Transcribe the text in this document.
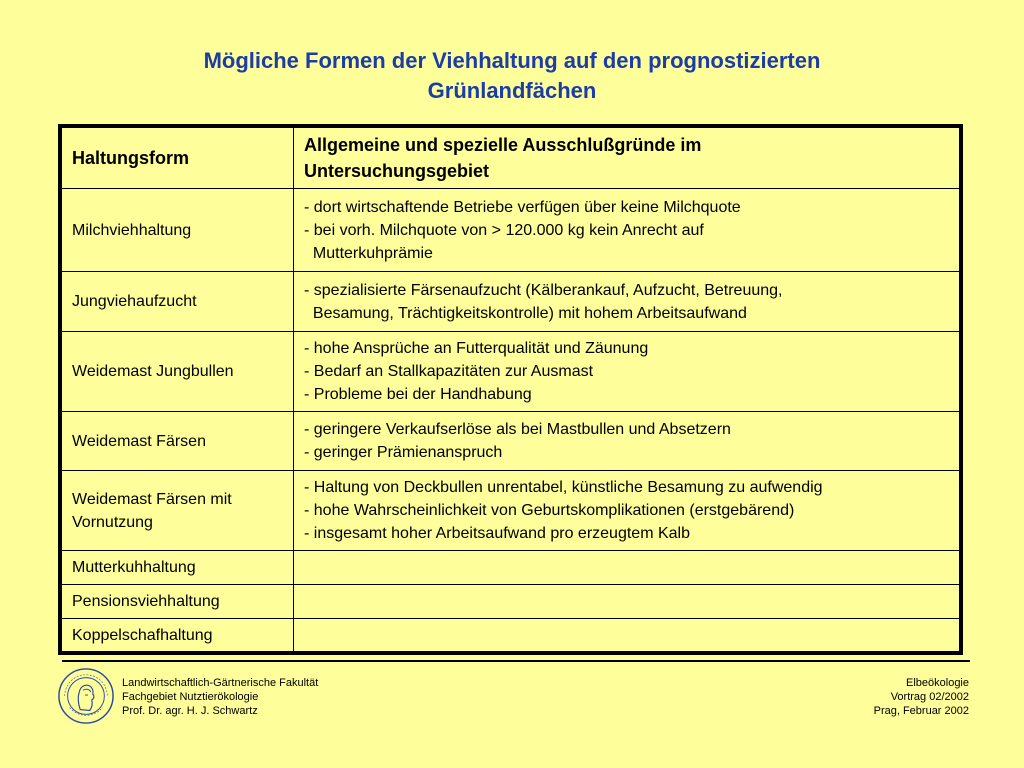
Mögliche Formen der Viehhaltung auf den prognostizierten
Grünlandfächen
Haltungsform	Allgemeine und spezielle Ausschlußgründe im
Untersuchungsgebiet

Milchviehhaltung	- dort wirtschaftende Betriebe verfügen über keine Milchquote
- bei vorh. Milchquote von > 120.000 kg kein Anrecht auf
Mutterkuhprämie

Jungviehaufzucht	- spezialisierte Färsenaufzucht (Kälberankauf, Aufzucht, Betreuung,
Besamung, Trächtigkeitskontrolle) mit hohem Arbeitsaufwand

Weidemast Jungbullen	- hohe Ansprüche an Futterqualität und Zäunung
- Bedarf an Stallkapazitäten zur Ausmast
- Probleme bei der Handhabung

Weidemast Färsen	- geringere Verkaufserlöse als bei Mastbullen und Absetzern
- geringer Prämienanspruch

Weidemast Färsen mit
Vornutzung	- Haltung von Deckbullen unrentabel, künstliche Besamung zu aufwendig
- hohe Wahrscheinlichkeit von Geburtskomplikationen (erstgebärend)
- insgesamt hoher Arbeitsaufwand pro erzeugtem Kalb

Mutterkuhhaltung	
Pensionsviehhaltung	
Koppelschafhaltung	
Landwirtschaftlich-Gärtnerische Fakultät
Fachgebiet Nutztierökologie
Prof. Dr. agr. H. J. Schwartz
Elbeökologie
Vortrag 02/2002
Prag, Februar 2002
